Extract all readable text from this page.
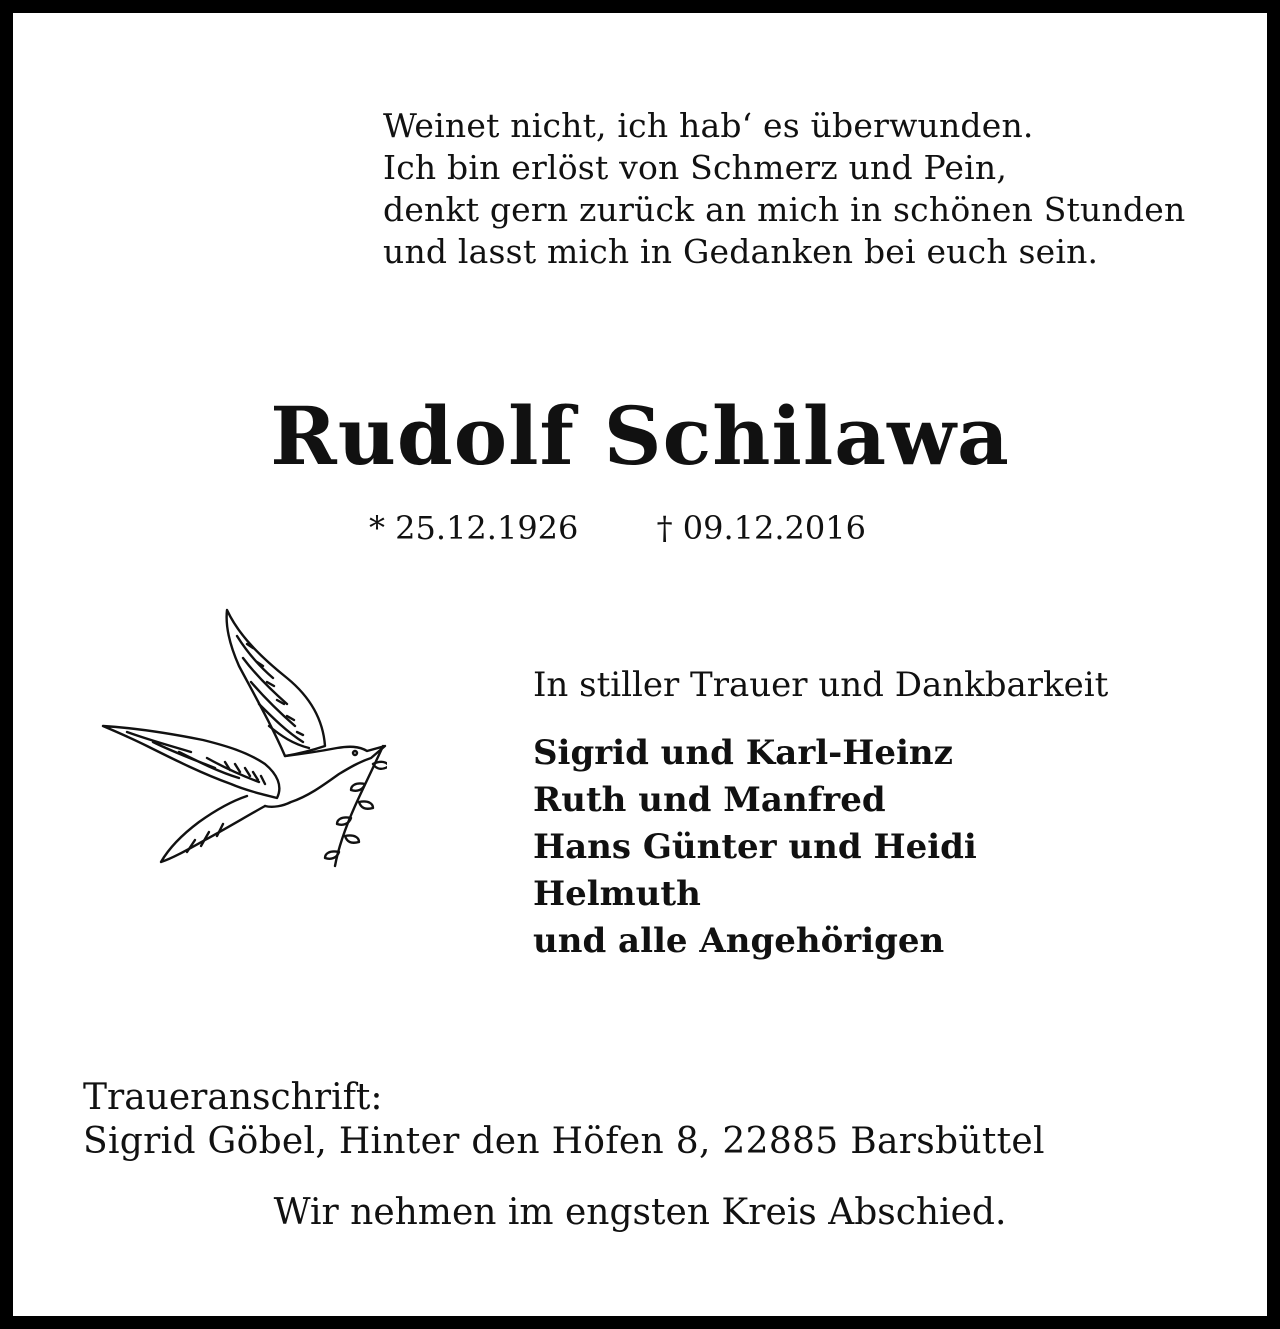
Weinet nicht, ich hab‘ es überwunden.
Ich bin erlöst von Schmerz und Pein,
denkt gern zurück an mich in schönen Stunden
und lasst mich in Gedanken bei euch sein.
Rudolf Schilawa
* 25.12.1926 † 09.12.2016
In stiller Trauer und Dankbarkeit
Sigrid und Karl-Heinz
Ruth und Manfred
Hans Günter und Heidi
Helmuth
und alle Angehörigen
Traueranschrift:
Sigrid Göbel, Hinter den Höfen 8, 22885 Barsbüttel
Wir nehmen im engsten Kreis Abschied.
